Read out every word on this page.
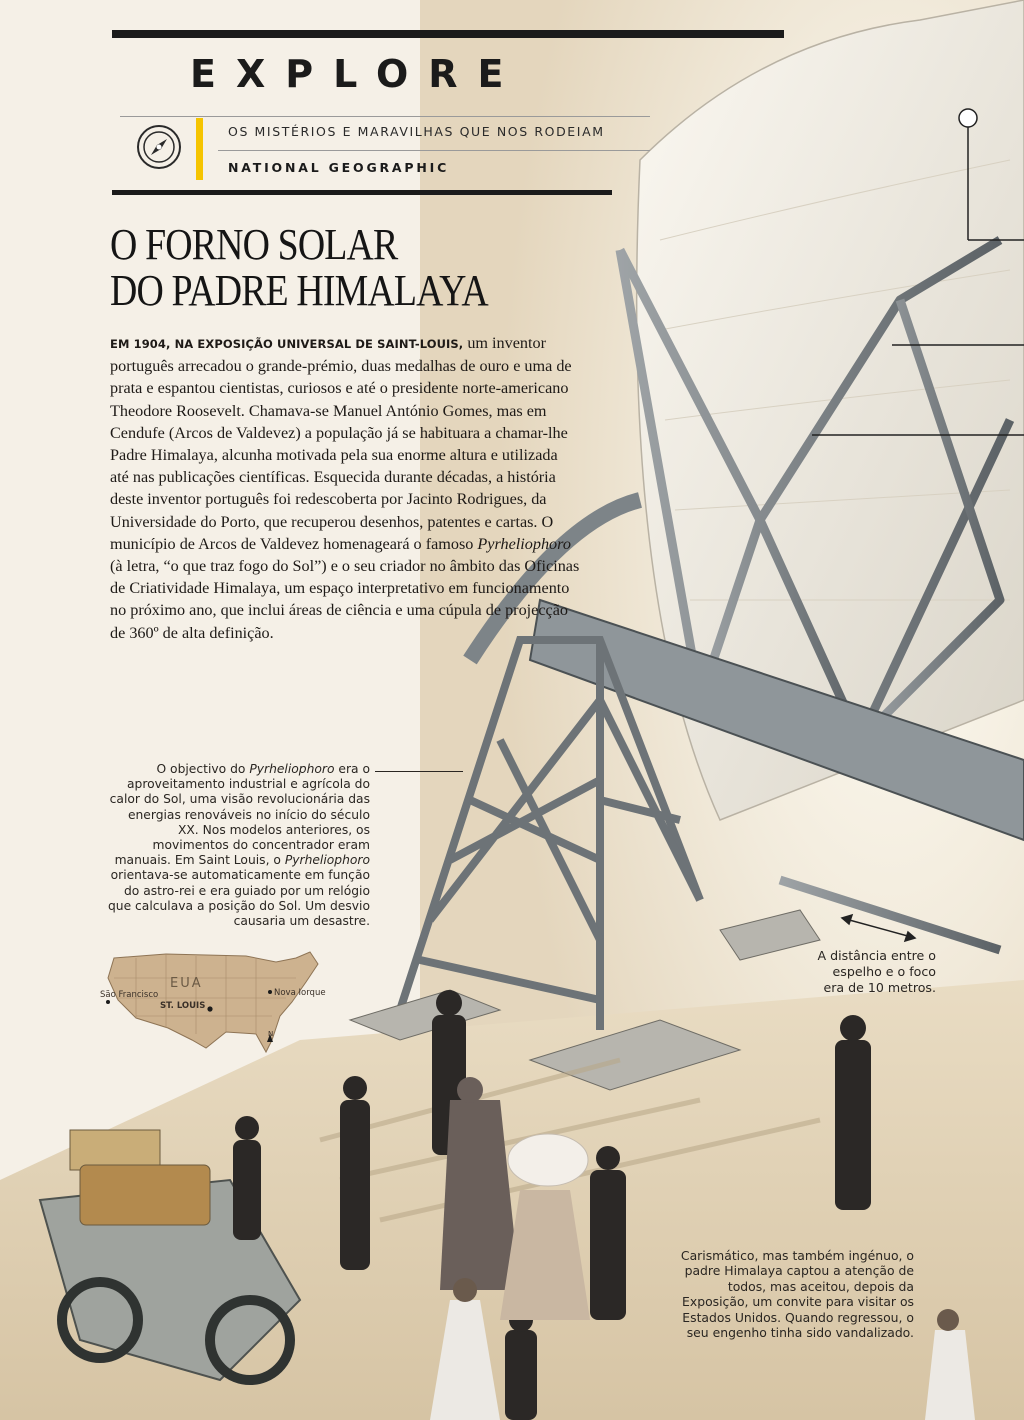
EXPLORE
OS MISTÉRIOS E MARAVILHAS QUE NOS RODEIAM
NATIONAL GEOGRAPHIC
O FORNO SOLAR
DO PADRE HIMALAYA
EM 1904, NA EXPOSIÇÃO UNIVERSAL DE SAINT-LOUIS, um inventor português arrecadou o grande-prémio, duas medalhas de ouro e uma de prata e espantou cientistas, curiosos e até o presidente norte-americano Theodore Roosevelt. Chamava-se Manuel António Gomes, mas em Cendufe (Arcos de Valdevez) a população já se habituara a chamar-lhe Padre Himalaya, alcunha motivada pela sua enorme altura e utilizada até nas publicações científicas. Esquecida durante décadas, a história deste inventor português foi redescoberta por Jacinto Rodrigues, da Universidade do Porto, que recuperou desenhos, patentes e cartas. O município de Arcos de Valdevez homenageará o famoso Pyrheliophoro (à letra, “o que traz fogo do Sol”) e o seu criador no âmbito das Oficinas de Criatividade Himalaya, um espaço interpretativo em funcionamento no próximo ano, que inclui áreas de ciência e uma cúpula de projecção de 360º de alta definição.
O objectivo do Pyrheliophoro era o aproveitamento industrial e agrícola do calor do Sol, uma visão revolucionária das energias renováveis no início do século XX. Nos modelos anteriores, os movimentos do concentrador eram manuais. Em Saint Louis, o Pyrheliophoro orientava-se automaticamente em função do astro-rei e era guiado por um relógio que calculava a posição do Sol. Um desvio causaria um desastre.
A distância entre o espelho e o foco era de 10 metros.
Carismático, mas também ingénuo, o padre Himalaya captou a atenção de todos, mas aceitou, depois da Exposição, um convite para visitar os Estados Unidos. Quando regressou, o seu engenho tinha sido vandalizado.
EUA
São Francisco
ST. LOUIS
Nova Iorque
N
